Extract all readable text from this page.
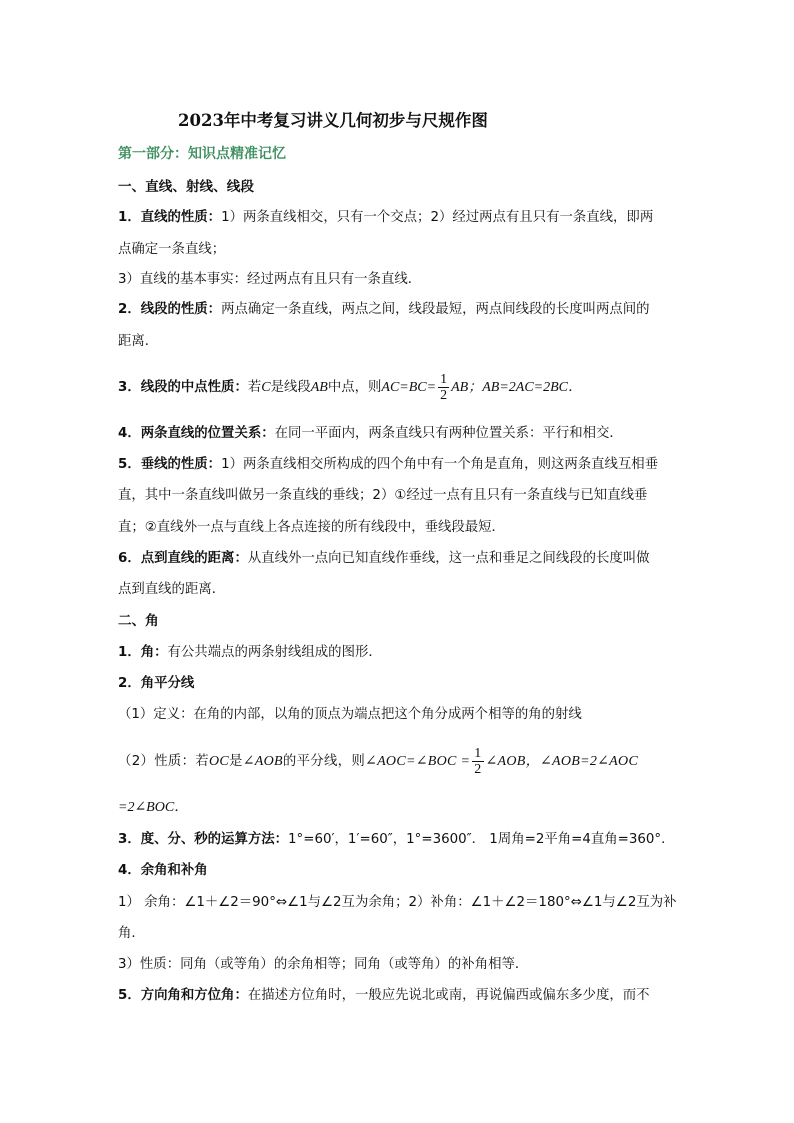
2023年中考复习讲义几何初步与尺规作图
第一部分：知识点精准记忆
一、直线、射线、线段
1．直线的性质：1）两条直线相交，只有一个交点；2）经过两点有且只有一条直线，即两
点确定一条直线；
3）直线的基本事实：经过两点有且只有一条直线．
2．线段的性质：两点确定一条直线，两点之间，线段最短，两点间线段的长度叫两点间的
距离．
3．线段的中点性质：若C是线段AB中点，则$AC=BC= \frac{1}{2}$ AB；AB=2AC=2BC．
4．两条直线的位置关系：在同一平面内，两条直线只有两种位置关系：平行和相交．
5．垂线的性质：1）两条直线相交所构成的四个角中有一个角是直角，则这两条直线互相垂
直，其中一条直线叫做另一条直线的垂线；2）①经过一点有且只有一条直线与已知直线垂
直；②直线外一点与直线上各点连接的所有线段中，垂线段最短．
6．点到直线的距离：从直线外一点向已知直线作垂线，这一点和垂足之间线段的长度叫做
点到直线的距离．
二、角
1．角：有公共端点的两条射线组成的图形．
2．角平分线
（1）定义：在角的内部，以角的顶点为端点把这个角分成两个相等的角的射线
（2）性质：若OC是∠AOB的平分线，则∠AOC=∠BOC = $\frac{1}{2}$ ∠AOB，∠AOB=2∠AOC
=2∠BOC．
3．度、分、秒的运算方法：1°=60′，1′=60″，1°=3600″． 1周角=2平角=4直角=360°．
4．余角和补角
1） 余角：∠1＋∠2＝90°⇔∠1与∠2互为余角；2）补角：∠1＋∠2＝180°⇔∠1与∠2互为补
角．
3）性质：同角（或等角）的余角相等；同角（或等角）的补角相等．
5．方向角和方位角：在描述方位角时，一般应先说北或南，再说偏西或偏东多少度，而不
